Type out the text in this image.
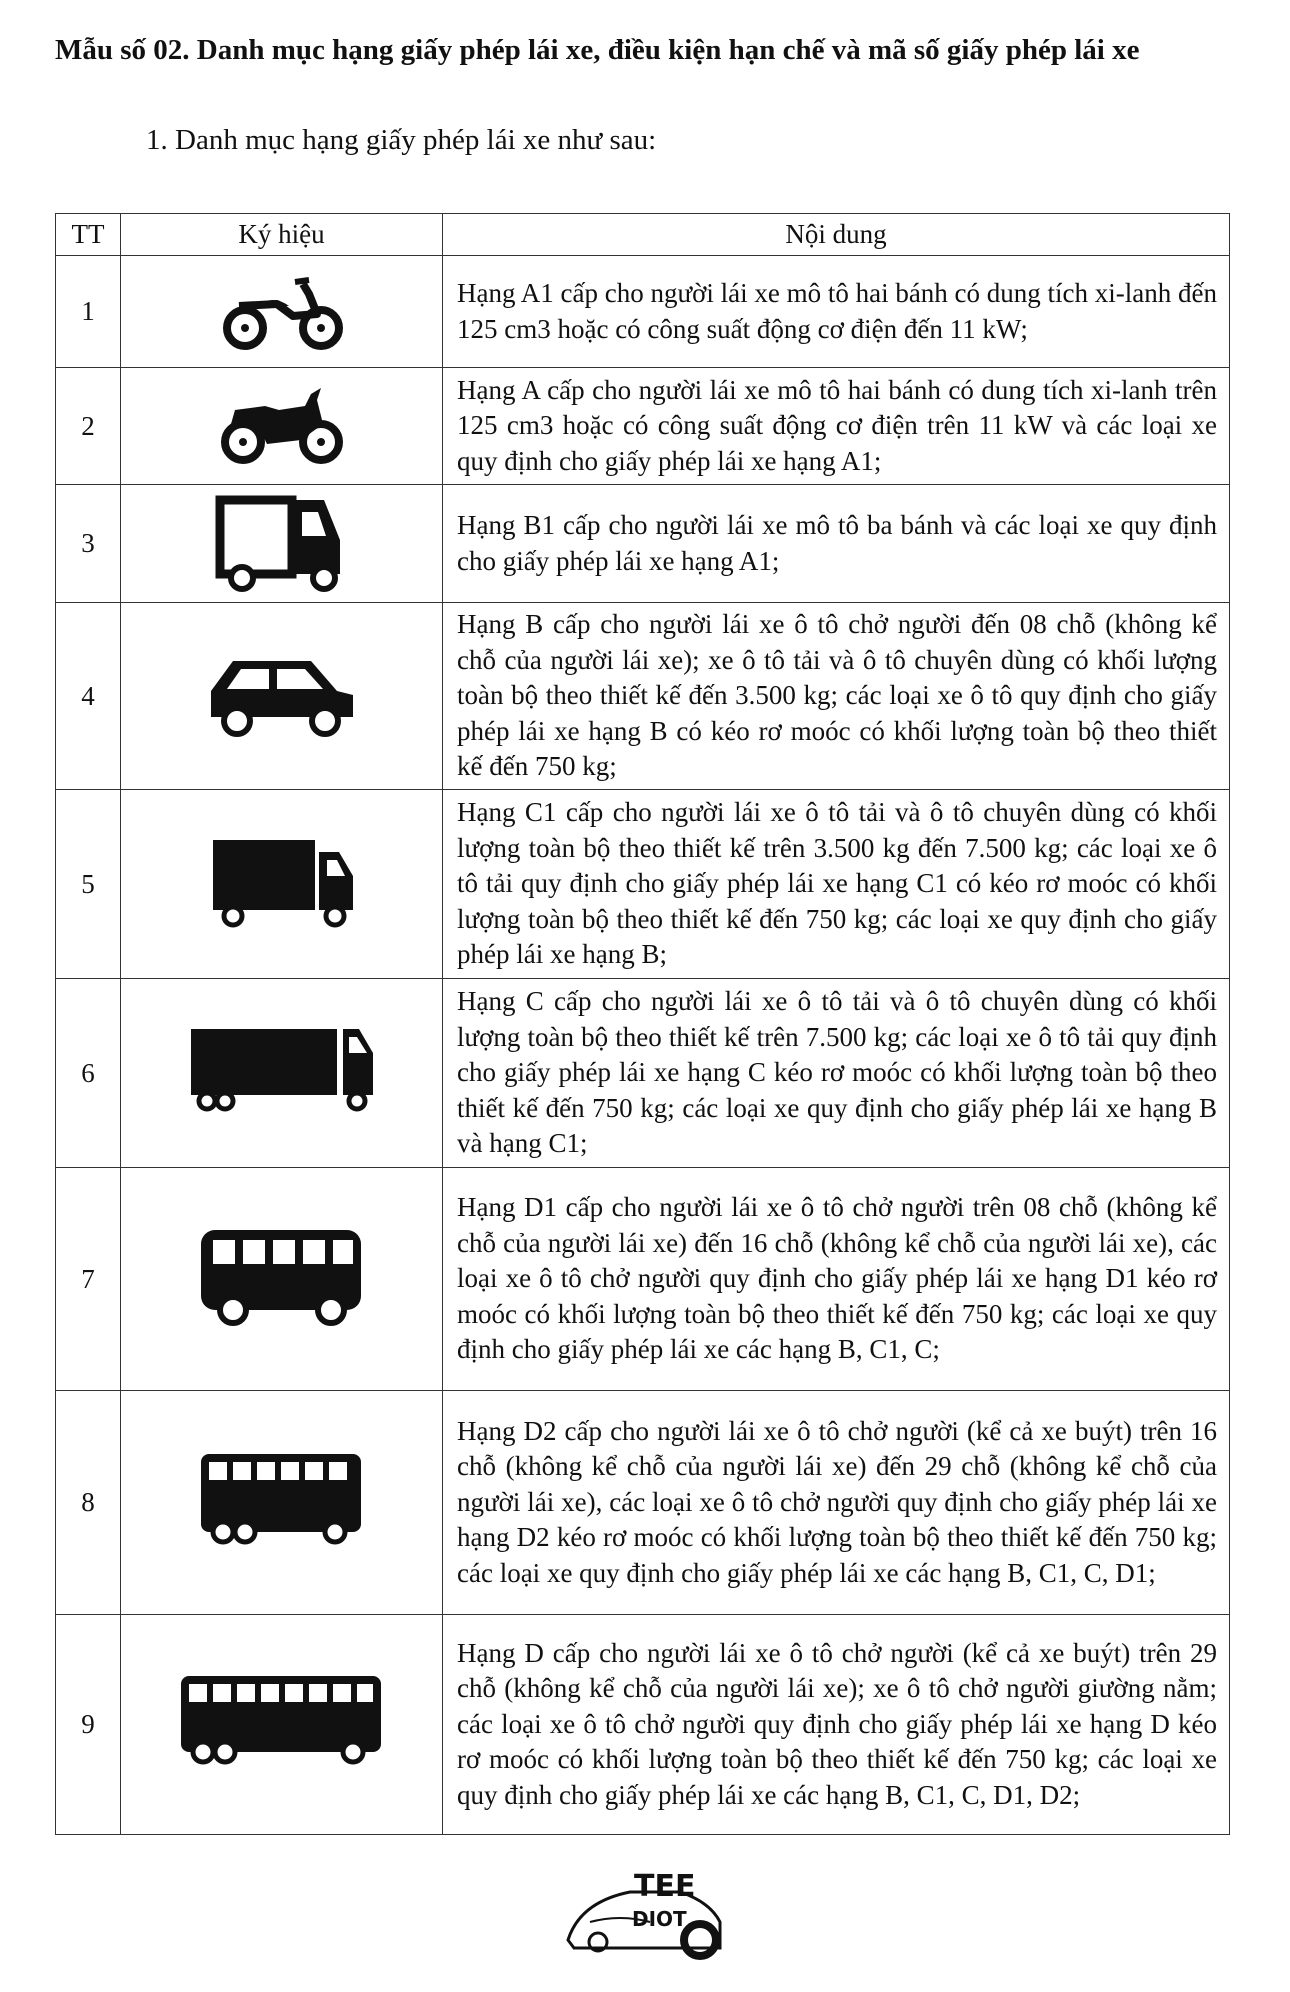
Mẫu số 02. Danh mục hạng giấy phép lái xe, điều kiện hạn chế và mã số giấy phép lái xe

1. Danh mục hạng giấy phép lái xe như sau:

TT	Ký hiệu	Nội dung
1		Hạng A1 cấp cho người lái xe mô tô hai bánh có dung tích xi-lanh đến 125 cm3 hoặc có công suất động cơ điện đến 11 kW;
2		Hạng A cấp cho người lái xe mô tô hai bánh có dung tích xi-lanh trên 125 cm3 hoặc có công suất động cơ điện trên 11 kW và các loại xe quy định cho giấy phép lái xe hạng A1;
3		Hạng B1 cấp cho người lái xe mô tô ba bánh và các loại xe quy định cho giấy phép lái xe hạng A1;
4		Hạng B cấp cho người lái xe ô tô chở người đến 08 chỗ (không kể chỗ của người lái xe); xe ô tô tải và ô tô chuyên dùng có khối lượng toàn bộ theo thiết kế đến 3.500 kg; các loại xe ô tô quy định cho giấy phép lái xe hạng B có kéo rơ moóc có khối lượng toàn bộ theo thiết kế đến 750 kg;
5		Hạng C1 cấp cho người lái xe ô tô tải và ô tô chuyên dùng có khối lượng toàn bộ theo thiết kế trên 3.500 kg đến 7.500 kg; các loại xe ô tô tải quy định cho giấy phép lái xe hạng C1 có kéo rơ moóc có khối lượng toàn bộ theo thiết kế đến 750 kg; các loại xe quy định cho giấy phép lái xe hạng B;
6		Hạng C cấp cho người lái xe ô tô tải và ô tô chuyên dùng có khối lượng toàn bộ theo thiết kế trên 7.500 kg; các loại xe ô tô tải quy định cho giấy phép lái xe hạng C kéo rơ moóc có khối lượng toàn bộ theo thiết kế đến 750 kg; các loại xe quy định cho giấy phép lái xe hạng B và hạng C1;
7		Hạng D1 cấp cho người lái xe ô tô chở người trên 08 chỗ (không kể chỗ của người lái xe) đến 16 chỗ (không kể chỗ của người lái xe), các loại xe ô tô chở người quy định cho giấy phép lái xe hạng D1 kéo rơ moóc có khối lượng toàn bộ theo thiết kế đến 750 kg; các loại xe quy định cho giấy phép lái xe các hạng B, C1, C;
8		Hạng D2 cấp cho người lái xe ô tô chở người (kể cả xe buýt) trên 16 chỗ (không kể chỗ của người lái xe) đến 29 chỗ (không kể chỗ của người lái xe), các loại xe ô tô chở người quy định cho giấy phép lái xe hạng D2 kéo rơ moóc có khối lượng toàn bộ theo thiết kế đến 750 kg; các loại xe quy định cho giấy phép lái xe các hạng B, C1, C, D1;
9		Hạng D cấp cho người lái xe ô tô chở người (kể cả xe buýt) trên 29 chỗ (không kể chỗ của người lái xe); xe ô tô chở người giường nằm; các loại xe ô tô chở người quy định cho giấy phép lái xe hạng D kéo rơ moóc có khối lượng toàn bộ theo thiết kế đến 750 kg; các loại xe quy định cho giấy phép lái xe các hạng B, C1, C, D1, D2;
TEE
DIOT
